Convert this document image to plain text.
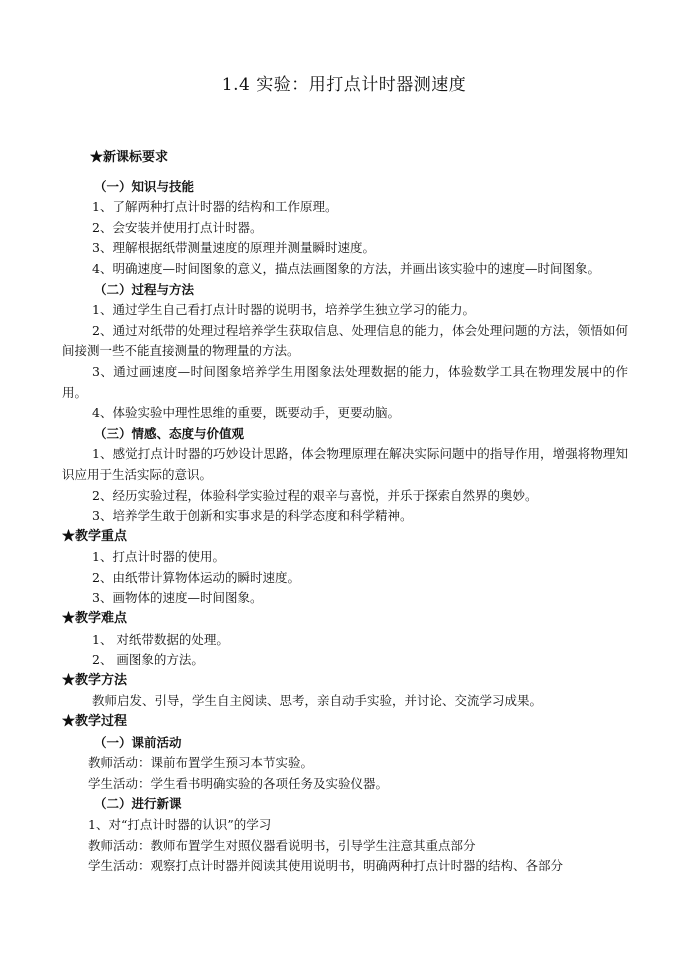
1.4 实验：用打点计时器测速度
★新课标要求
（一）知识与技能
1、了解两种打点计时器的结构和工作原理。
2、会安装并使用打点计时器。
3、理解根据纸带测量速度的原理并测量瞬时速度。
4、明确速度—时间图象的意义，描点法画图象的方法，并画出该实验中的速度—时间图象。
（二）过程与方法
1、通过学生自己看打点计时器的说明书，培养学生独立学习的能力。
2、通过对纸带的处理过程培养学生获取信息、处理信息的能力，体会处理问题的方法，领悟如何间接测一些不能直接测量的物理量的方法。
3、通过画速度—时间图象培养学生用图象法处理数据的能力，体验数学工具在物理发展中的作用。
4、体验实验中理性思维的重要，既要动手，更要动脑。
（三）情感、态度与价值观
1、感觉打点计时器的巧妙设计思路，体会物理原理在解决实际问题中的指导作用，增强将物理知识应用于生活实际的意识。
2、经历实验过程，体验科学实验过程的艰辛与喜悦，并乐于探索自然界的奥妙。
3、培养学生敢于创新和实事求是的科学态度和科学精神。
★教学重点
1、打点计时器的使用。
2、由纸带计算物体运动的瞬时速度。
3、画物体的速度—时间图象。
★教学难点
1、 对纸带数据的处理。
2、 画图象的方法。
★教学方法
教师启发、引导，学生自主阅读、思考，亲自动手实验，并讨论、交流学习成果。
★教学过程
（一）课前活动
教师活动：课前布置学生预习本节实验。
学生活动：学生看书明确实验的各项任务及实验仪器。
（二）进行新课
1、对“打点计时器的认识”的学习
教师活动：教师布置学生对照仪器看说明书，引导学生注意其重点部分
学生活动：观察打点计时器并阅读其使用说明书，明确两种打点计时器的结构、各部分
